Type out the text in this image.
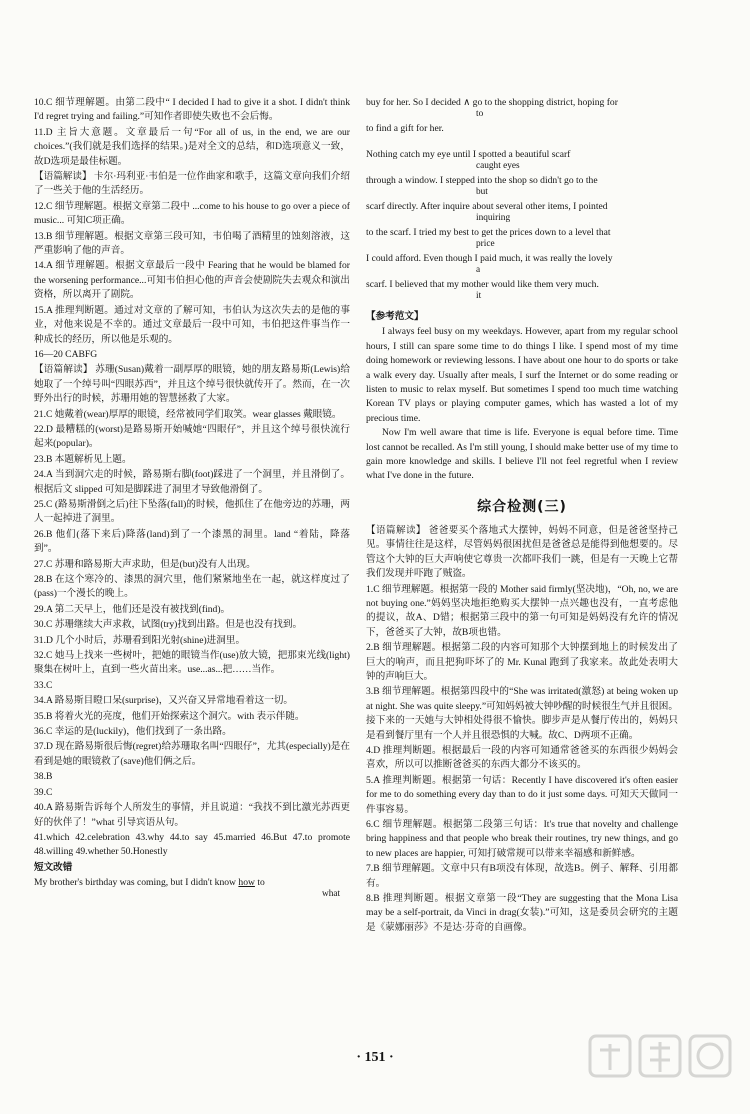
10.C 细节理解题。由第二段中“ I decided I had to give it a shot. I didn't think I'd regret trying and failing.”可知作者即使失败也不会后悔。
11.D 主旨大意题。文章最后一句“For all of us, in the end, we are our choices.”(我们就是我们选择的结果。)是对全文的总结，和D选项意义一致，故D选项是最佳标题。
【语篇解读】 卡尔·玛利亚·韦伯是一位作曲家和歌手，这篇文章向我们介绍了一些关于他的生活经历。
12.C 细节理解题。根据文章第二段中 ...come to his house to go over a piece of music... 可知C项正确。
13.B 细节理解题。根据文章第三段可知，韦伯喝了酒精里的蚀刻溶液，这严重影响了他的声音。
14.A 细节理解题。根据文章最后一段中 Fearing that he would be blamed for the worsening performance...可知韦伯担心他的声音会使剧院失去观众和演出资格，所以离开了剧院。
15.A 推理判断题。通过对文章的了解可知，韦伯认为这次失去的是他的事业，对他来说是不幸的。通过文章最后一段中可知，韦伯把这件事当作一种成长的经历，所以他是乐观的。
16—20 CABFG
【语篇解读】 苏珊(Susan)戴着一副厚厚的眼镜，她的朋友路易斯(Lewis)给她取了一个绰号叫“四眼苏西”，并且这个绰号很快就传开了。然而，在一次野外出行的时候，苏珊用她的智慧拯救了大家。
21.C 她戴着(wear)厚厚的眼镜，经常被同学们取笑。wear glasses 戴眼镜。
22.D 最糟糕的(worst)是路易斯开始喊她“四眼仔”，并且这个绰号很快流行起来(popular)。
23.B 本题解析见上题。
24.A 当到洞穴走的时候，路易斯右脚(foot)踩进了一个洞里，并且滑倒了。根据后文 slipped 可知是脚踩进了洞里才导致他滑倒了。
25.C (路易斯滑倒之后)往下坠落(fall)的时候，他抓住了在他旁边的苏珊，两人一起掉进了洞里。
26.B 他们(落下来后)降落(land)到了一个漆黑的洞里。land “着陆，降落到”。
27.C 苏珊和路易斯大声求助，但是(but)没有人出现。
28.B 在这个寒冷的、漆黑的洞穴里，他们紧紧地坐在一起，就这样度过了(pass)一个漫长的晚上。
29.A 第二天早上，他们还是没有被找到(find)。
30.C 苏珊继续大声求救，试图(try)找到出路。但是也没有找到。
31.D 几个小时后，苏珊看到阳光射(shine)进洞里。
32.C 她马上找来一些树叶，把她的眼镜当作(use)放大镜，把那束光线(light)聚集在树叶上，直到一些火苗出来。use...as...把……当作。
33.C
34.A 路易斯目瞪口呆(surprise)，又兴奋又异常地看着这一切。
35.B 将着火光的亮度，他们开始探索这个洞穴。with 表示伴随。
36.C 幸运的是(luckily)，他们找到了一条出路。
37.D 现在路易斯很后悔(regret)给苏珊取名叫“四眼仔”，尤其(especially)是在看到是她的眼镜救了(save)他们俩之后。
38.B
39.C
40.A 路易斯告诉每个人所发生的事情，并且说道：“我找不到比激光苏西更好的伙伴了！”what 引导宾语从句。
41.which 42.celebration 43.why 44.to say 45.married 46.But 47.to promote 48.willing 49.whether 50.Honestly
短文改错
My brother's birthday was coming, but I didn't know how to
what
buy for her. So I decided ∧ go to the shopping district, hoping for
to
to find a gift for her.
Nothing catch my eye until I spotted a beautiful scarf
caught eyes
through a window. I stepped into the shop so didn't go to the
but
scarf directly. After inquire about several other items, I pointed
inquiring
to the scarf. I tried my best to get the prices down to a level that
price
I could afford. Even though I paid much, it was really the lovely
a
scarf. I believed that my mother would like them very much.
it
【参考范文】

I always feel busy on my weekdays. However, apart from my regular school hours, I still can spare some time to do things I like. I spend most of my time doing homework or reviewing lessons. I have about one hour to do sports or take a walk every day. Usually after meals, I surf the Internet or do some reading or listen to music to relax myself. But sometimes I spend too much time watching Korean TV plays or playing computer games, which has wasted a lot of my precious time.

Now I'm well aware that time is life. Everyone is equal before time. Time lost cannot be recalled. As I'm still young, I should make better use of my time to gain more knowledge and skills. I believe I'll not feel regretful when I review what I've done in the future.

综合检测(三)
【语篇解读】 爸爸要买个落地式大摆钟，妈妈不同意，但是爸爸坚持己见。事情往往是这样，尽管妈妈很困扰但是爸爸总是能得到他想要的。尽管这个大钟的巨大声响使它尊贵一次都吓我们一跳，但是有一天晚上它帮我们发现并吓跑了贼盗。
1.C 细节理解题。根据第一段的 Mother said firmly(坚决地)，“Oh, no, we are not buying one.”妈妈坚决地拒绝购买大摆钟一点兴趣也没有，一直考虑他的提议，故A、D错；根据第三段中的第一句可知是妈妈没有允许的情况下，爸爸买了大钟，故B项也错。
2.B 细节理解题。根据第二段的内容可知那个大钟摆到地上的时候发出了巨大的响声，而且把狗吓坏了的 Mr. Kunal 跑到了我家来。故此处表明大钟的声响巨大。
3.B 细节理解题。根据第四段中的“She was irritated(激怒) at being woken up at night. She was quite sleepy.”可知妈妈被大钟吵醒的时候很生气并且很困。接下来的一天她与大钟相处得很不愉快。脚步声是从餐厅传出的，妈妈只是看到餐厅里有一个人并且很恐惧的大喊。故C、D两项不正确。
4.D 推理判断题。根据最后一段的内容可知通常爸爸买的东西很少妈妈会喜欢，所以可以推断爸爸买的东西大都分不该买的。
5.A 推理判断题。根据第一句话：Recently I have discovered it's often easier for me to do something every day than to do it just some days. 可知天天做同一件事容易。
6.C 细节理解题。根据第二段第三句话：It's true that novelty and challenge bring happiness and that people who break their routines, try new things, and go to new places are happier, 可知打破常规可以带来幸福感和新鲜感。
7.B 细节理解题。文章中只有B项没有体现，故选B。例子、解释、引用都有。
8.B 推理判断题。根据文章第一段“They are suggesting that the Mona Lisa may be a self-portrait, da Vinci in drag(女装).”可知，这是委员会研究的主题是《蒙娜丽莎》不是达·芬奇的自画像。
· 151 ·
